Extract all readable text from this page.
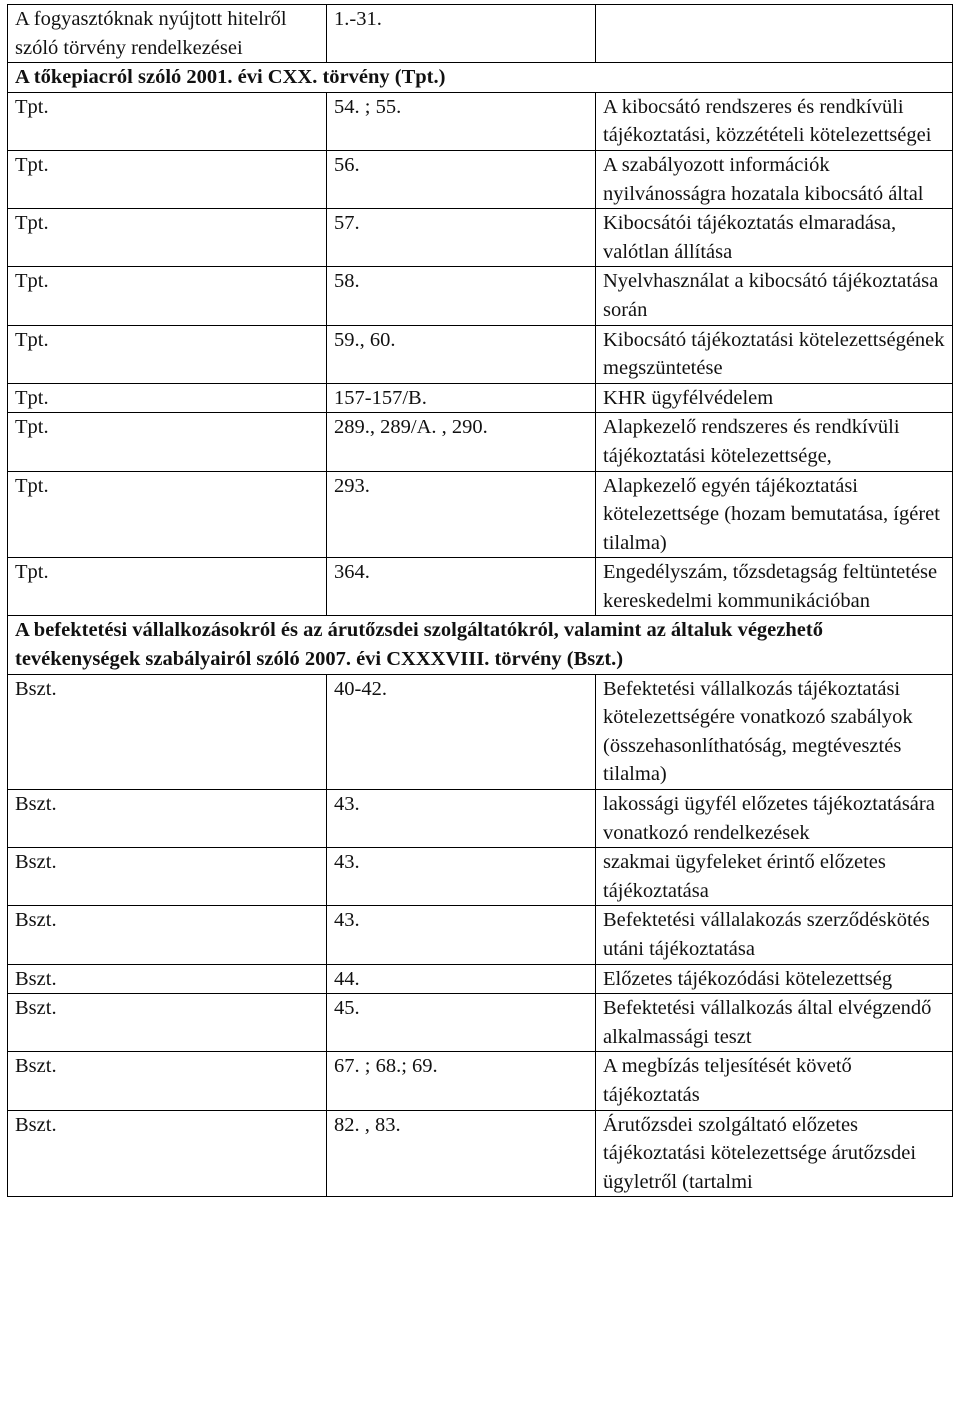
A fogyasztóknak nyújtott hitelről szóló törvény rendelkezései	1.-31.	
A tőkepiacról szóló 2001. évi CXX. törvény (Tpt.)		
Tpt.	54. ; 55.	A kibocsátó rendszeres és rendkívüli tájékoztatási, közzétételi kötelezettségei
Tpt.	56.	A szabályozott információk nyilvánosságra hozatala kibocsátó által
Tpt.	57.	Kibocsátói tájékoztatás elmaradása, valótlan állítása
Tpt.	58.	Nyelvhasználat a kibocsátó tájékoztatása során
Tpt.	59., 60.	Kibocsátó tájékoztatási kötelezettségének megszüntetése
Tpt.	157-157/B.	KHR ügyfélvédelem
Tpt.	289., 289/A. , 290.	Alapkezelő rendszeres és rendkívüli tájékoztatási kötelezettsége,
Tpt.	293.	Alapkezelő egyén tájékoztatási kötelezettsége (hozam bemutatása, ígéret tilalma)
Tpt.	364.	Engedélyszám, tőzsdetagság feltüntetése kereskedelmi kommunikációban
A befektetési vállalkozásokról és az árutőzsdei szolgáltatókról, valamint az általuk végezhető tevékenységek szabályairól szóló 2007. évi CXXXVIII. törvény (Bszt.)		
Bszt.	40-42.	Befektetési vállalkozás tájékoztatási kötelezettségére vonatkozó szabályok (összehasonlíthatóság, megtévesztés tilalma)
Bszt.	43.	lakossági ügyfél előzetes tájékoztatására vonatkozó rendelkezések
Bszt.	43.	szakmai ügyfeleket érintő előzetes tájékoztatása
Bszt.	43.	Befektetési vállalakozás szerződéskötés utáni tájékoztatása
Bszt.	44.	Előzetes tájékozódási kötelezettség
Bszt.	45.	Befektetési vállalkozás által elvégzendő alkalmassági teszt
Bszt.	67. ; 68.; 69.	A megbízás teljesítését követő tájékoztatás
Bszt.	82. , 83.	Árutőzsdei szolgáltató előzetes tájékoztatási kötelezettsége árutőzsdei ügyletről (tartalmi
